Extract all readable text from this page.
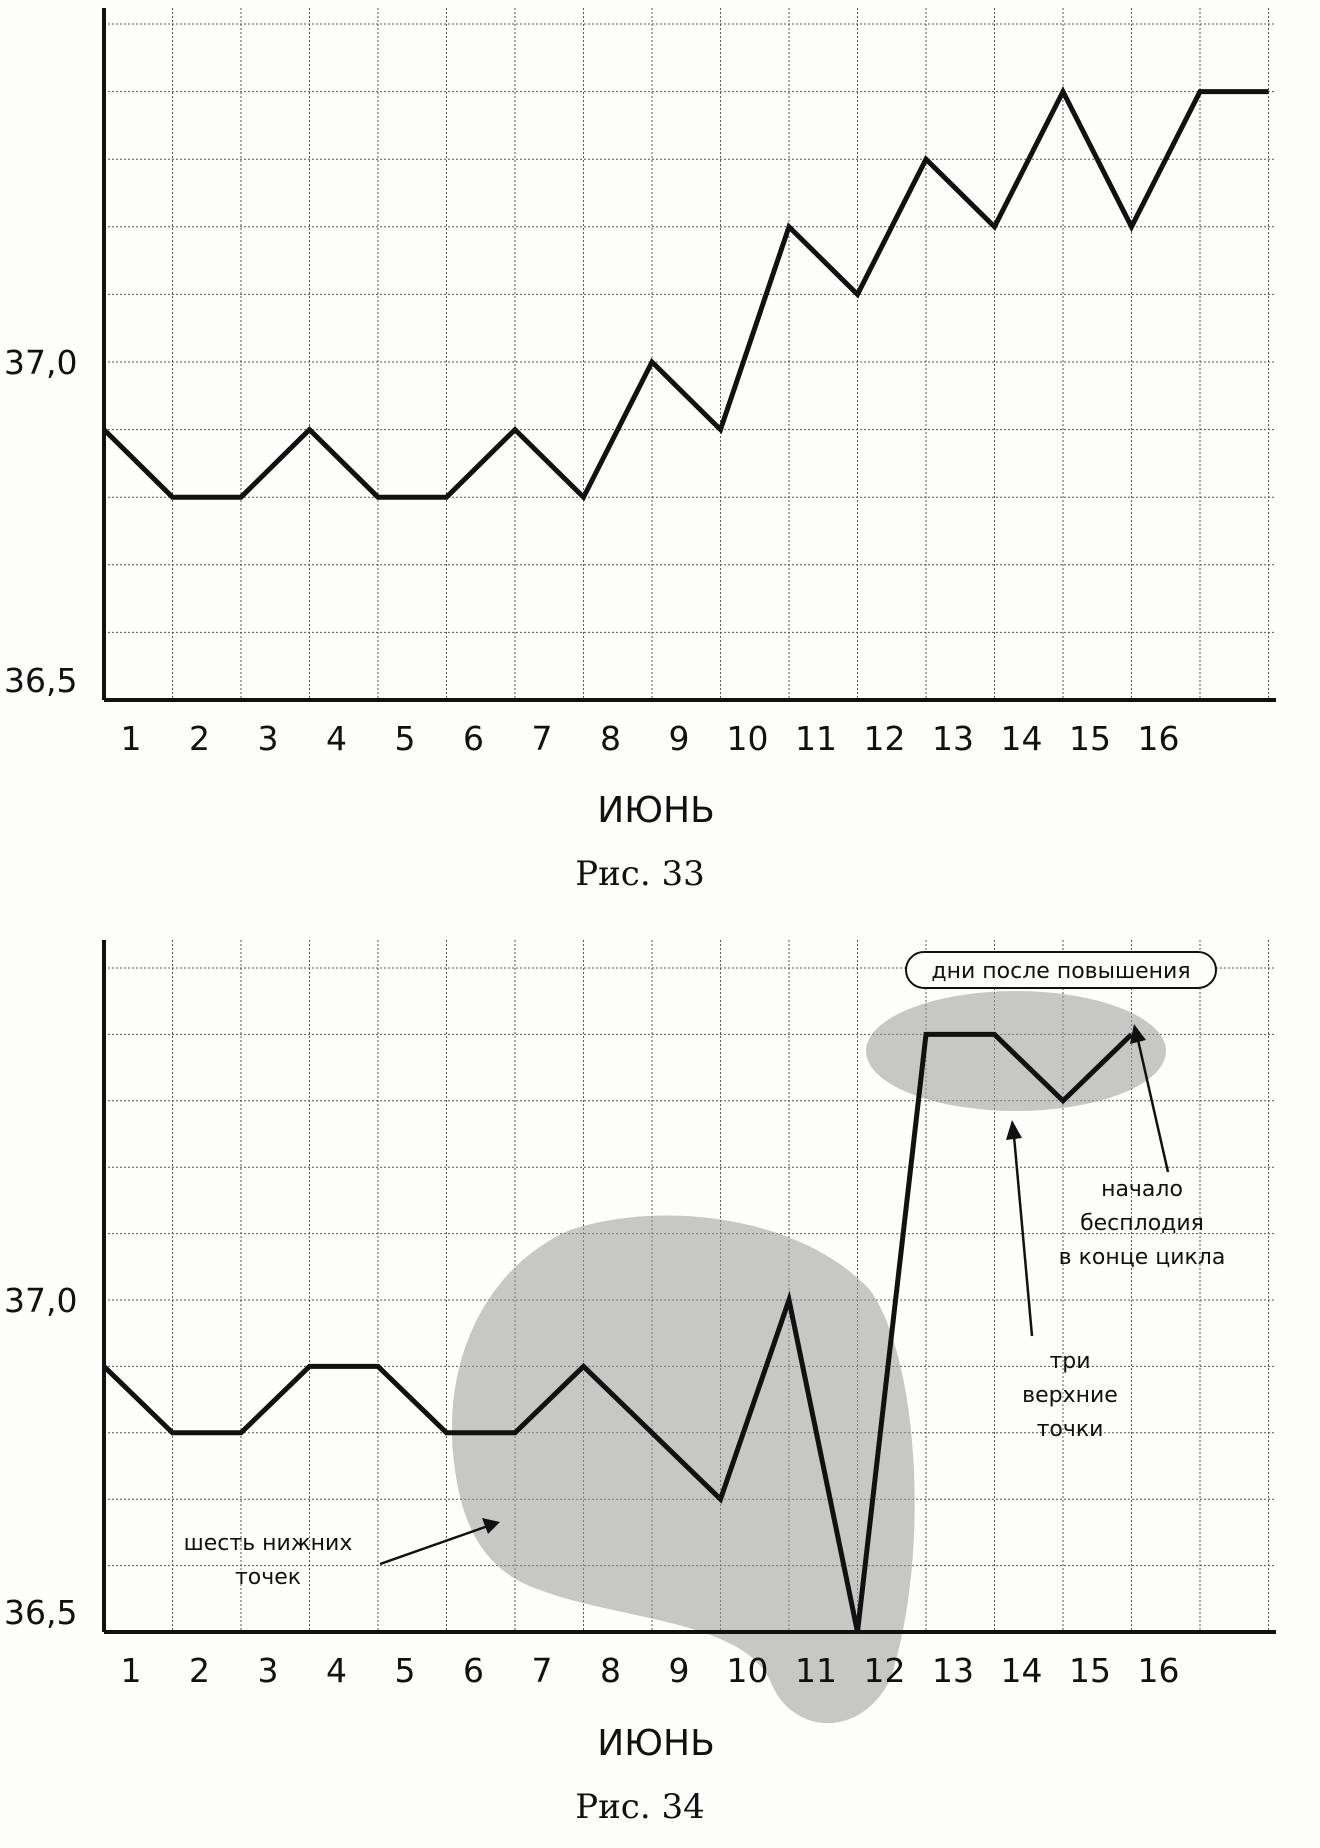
1 2 3 4 5 6 7 8 9 10 11 12 13 14 15 16
36,5
37,0
ИЮНЬ
Рис. 33
1 2 3 4 5 6 7 8 9 10 11 12 13 14 15 16
36,5
37,0
дни после повышения
шесть нижних
точек
три
верхние
точки
начало
бесплодия
в конце цикла
ИЮНЬ
Рис. 34
